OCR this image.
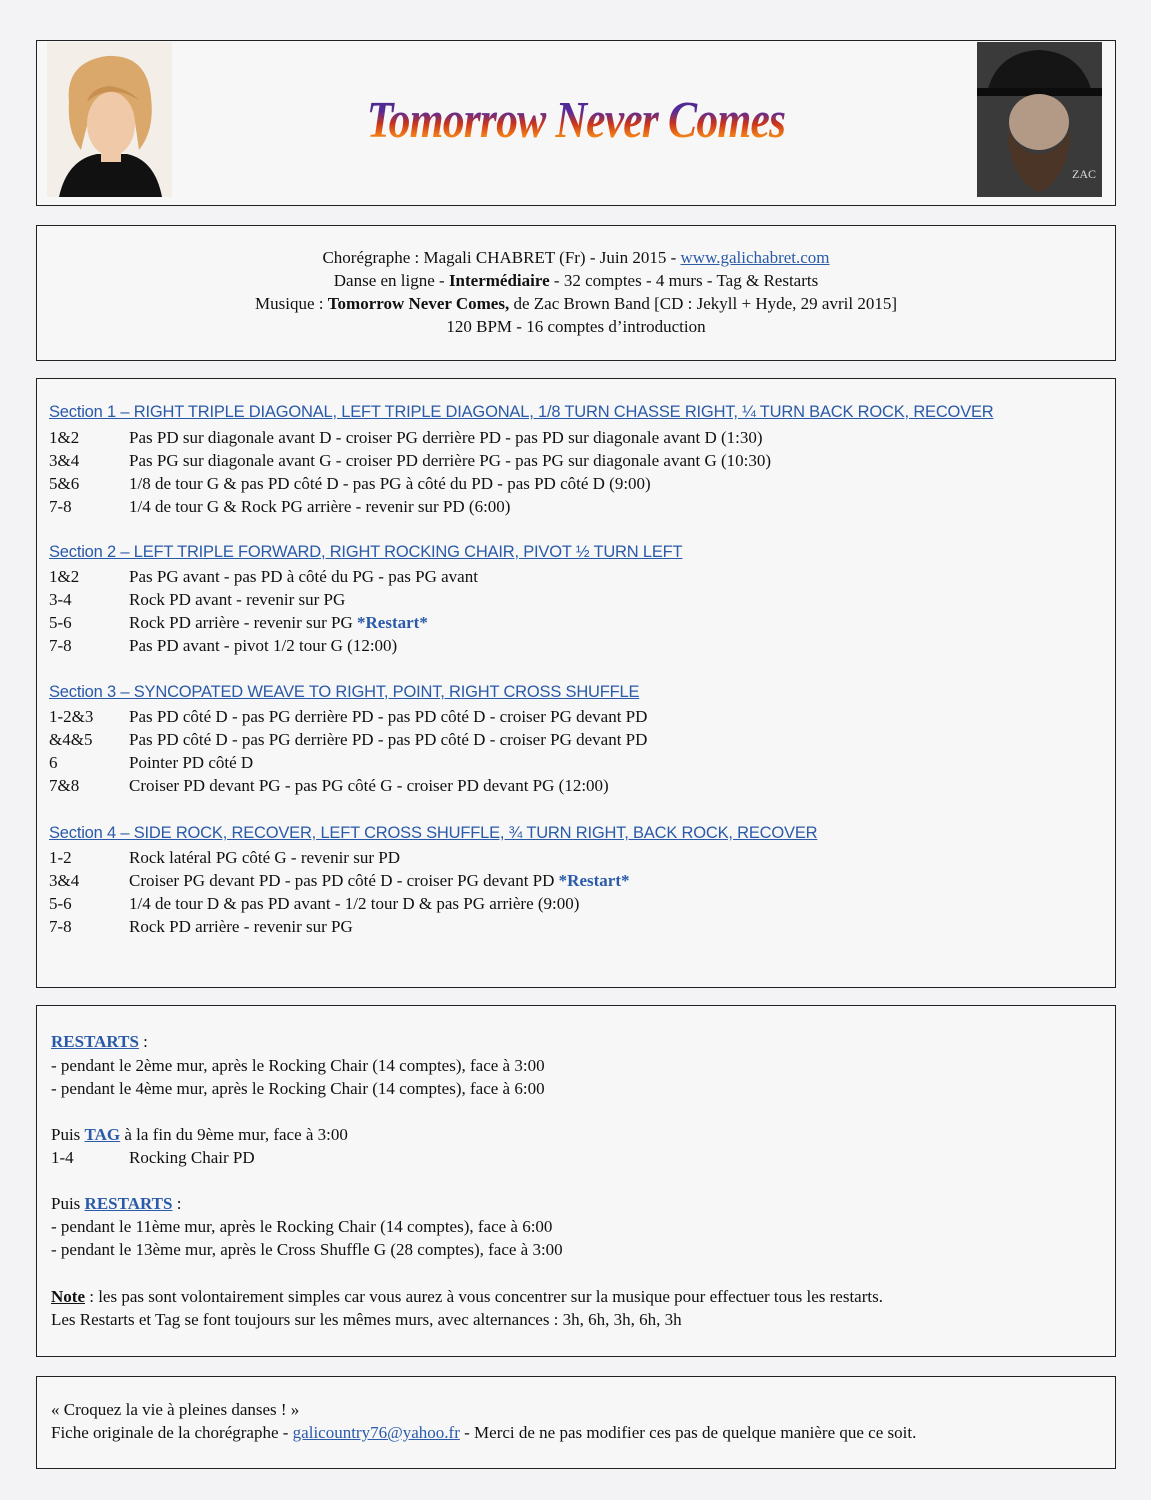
Tomorrow Never Comes
ZAC
Chorégraphe : Magali CHABRET (Fr) - Juin 2015 - www.galichabret.com
Danse en ligne - Intermédiaire - 32 comptes - 4 murs - Tag & Restarts
Musique : Tomorrow Never Comes, de Zac Brown Band [CD : Jekyll + Hyde, 29 avril 2015]
120 BPM - 16 comptes d’introduction
Section 1 – RIGHT TRIPLE DIAGONAL, LEFT TRIPLE DIAGONAL, 1/8 TURN CHASSE RIGHT, ¼ TURN BACK ROCK, RECOVER
1&2	Pas PD sur diagonale avant D - croiser PG derrière PD - pas PD sur diagonale avant D (1:30)
3&4	Pas PG sur diagonale avant G - croiser PD derrière PG - pas PG sur diagonale avant G (10:30)
5&6	1/8 de tour G & pas PD côté D - pas PG à côté du PD - pas PD côté D (9:00)
7-8	1/4 de tour G & Rock PG arrière - revenir sur PD (6:00)
Section 2 – LEFT TRIPLE FORWARD, RIGHT ROCKING CHAIR, PIVOT ½ TURN LEFT
1&2	Pas PG avant - pas PD à côté du PG - pas PG avant
3-4	Rock PD avant - revenir sur PG
5-6	Rock PD arrière - revenir sur PG *Restart*
7-8	Pas PD avant - pivot 1/2 tour G (12:00)
Section 3 – SYNCOPATED WEAVE TO RIGHT, POINT, RIGHT CROSS SHUFFLE
1-2&3 Pas PD côté D - pas PG derrière PD - pas PD côté D - croiser PG devant PD
&4&5 Pas PD côté D - pas PG derrière PD - pas PD côté D - croiser PG devant PD
6	Pointer PD côté D
7&8	Croiser PD devant PG - pas PG côté G - croiser PD devant PG (12:00)
Section 4 – SIDE ROCK, RECOVER, LEFT CROSS SHUFFLE, ¾ TURN RIGHT, BACK ROCK, RECOVER
1-2	Rock latéral PG côté G - revenir sur PD
3&4	Croiser PG devant PD - pas PD côté D - croiser PG devant PD *Restart*
5-6	1/4 de tour D & pas PD avant - 1/2 tour D & pas PG arrière (9:00)
7-8	Rock PD arrière - revenir sur PG
RESTARTS :
- pendant le 2ème mur, après le Rocking Chair (14 comptes), face à 3:00
- pendant le 4ème mur, après le Rocking Chair (14 comptes), face à 6:00
Puis TAG à la fin du 9ème mur, face à 3:00
1-4	Rocking Chair PD
Puis RESTARTS :
- pendant le 11ème mur, après le Rocking Chair (14 comptes), face à 6:00
- pendant le 13ème mur, après le Cross Shuffle G (28 comptes), face à 3:00
Note : les pas sont volontairement simples car vous aurez à vous concentrer sur la musique pour effectuer tous les restarts.
Les Restarts et Tag se font toujours sur les mêmes murs, avec alternances : 3h, 6h, 3h, 6h, 3h
« Croquez la vie à pleines danses ! »
Fiche originale de la chorégraphe - galicountry76@yahoo.fr - Merci de ne pas modifier ces pas de quelque manière que ce soit.
